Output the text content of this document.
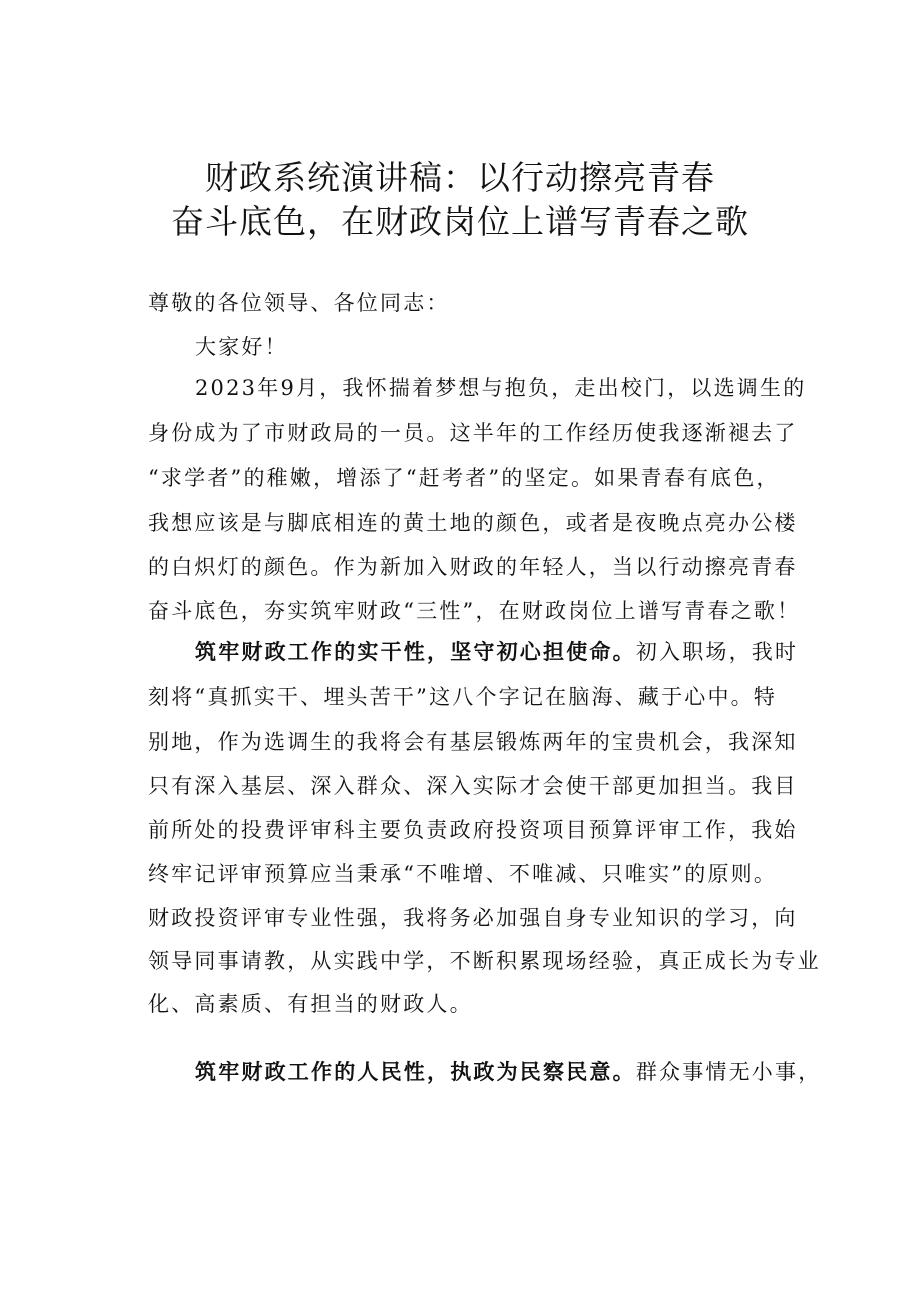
财政系统演讲稿：以行动擦亮青春
奋斗底色，在财政岗位上谱写青春之歌
尊敬的各位领导、各位同志：
大家好！
2023年9月，我怀揣着梦想与抱负，走出校门，以选调生的
身份成为了市财政局的一员。这半年的工作经历使我逐渐褪去了
“求学者”的稚嫩，增添了“赶考者”的坚定。如果青春有底色，
我想应该是与脚底相连的黄土地的颜色，或者是夜晚点亮办公楼
的白炽灯的颜色。作为新加入财政的年轻人，当以行动擦亮青春
奋斗底色，夯实筑牢财政“三性”，在财政岗位上谱写青春之歌！
筑牢财政工作的实干性，坚守初心担使命。初入职场，我时
刻将“真抓实干、埋头苦干”这八个字记在脑海、藏于心中。特
别地，作为选调生的我将会有基层锻炼两年的宝贵机会，我深知
只有深入基层、深入群众、深入实际才会使干部更加担当。我目
前所处的投费评审科主要负责政府投资项目预算评审工作，我始
终牢记评审预算应当秉承“不唯增、不唯减、只唯实”的原则。
财政投资评审专业性强，我将务必加强自身专业知识的学习，向
领导同事请教，从实践中学，不断积累现场经验，真正成长为专业
化、高素质、有担当的财政人。
筑牢财政工作的人民性，执政为民察民意。群众事情无小事，
